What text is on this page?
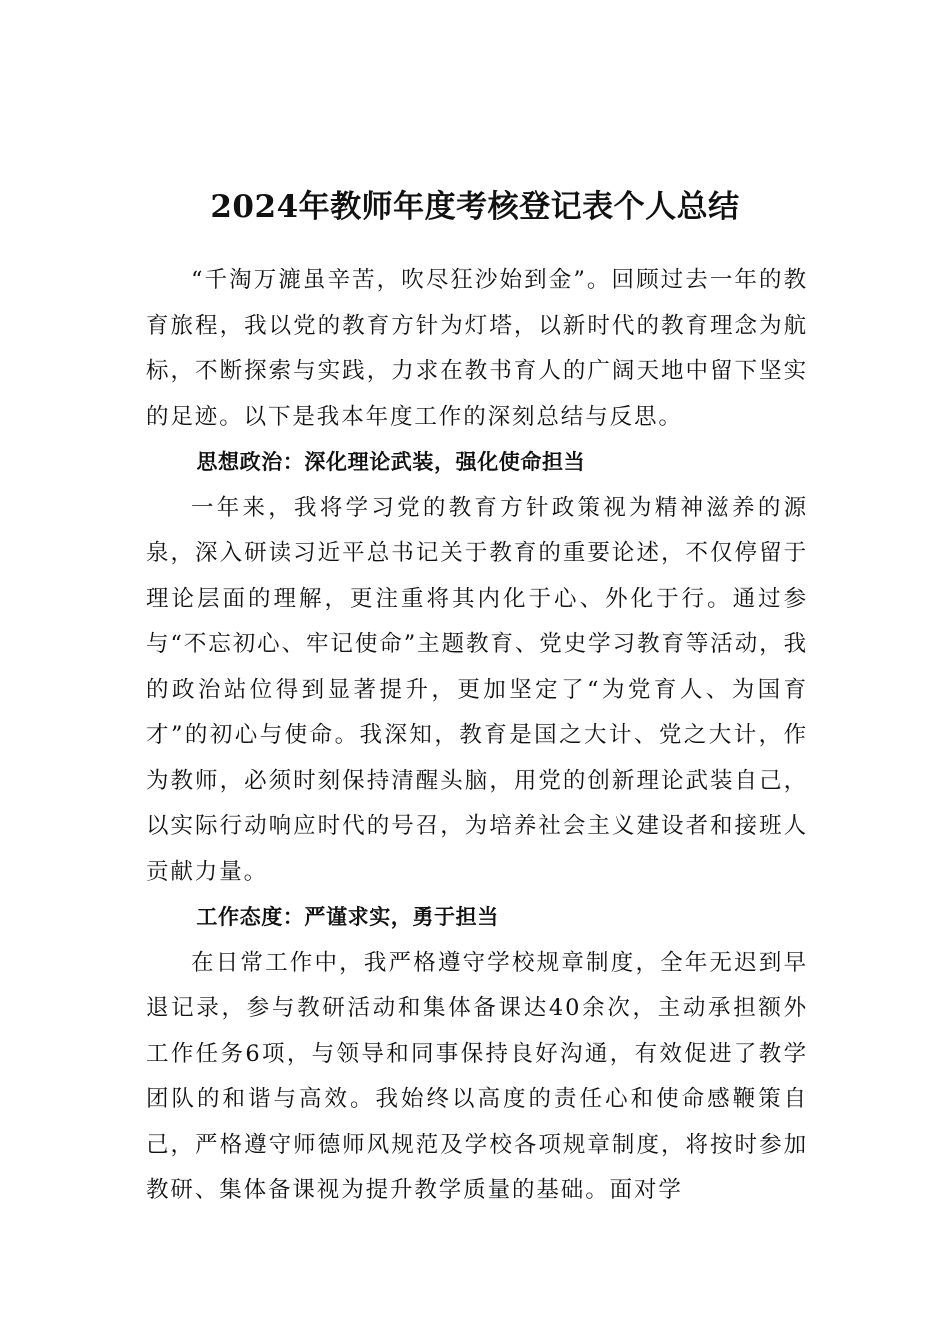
2024年教师年度考核登记表个人总结

“千淘万漉虽辛苦，吹尽狂沙始到金”。回顾过去一年的教育旅程，我以党的教育方针为灯塔，以新时代的教育理念为航标，不断探索与实践，力求在教书育人的广阔天地中留下坚实的足迹。以下是我本年度工作的深刻总结与反思。

思想政治：深化理论武装，强化使命担当

一年来，我将学习党的教育方针政策视为精神滋养的源泉，深入研读习近平总书记关于教育的重要论述，不仅停留于理论层面的理解，更注重将其内化于心、外化于行。通过参与“不忘初心、牢记使命”主题教育、党史学习教育等活动，我的政治站位得到显著提升，更加坚定了“为党育人、为国育才”的初心与使命。我深知，教育是国之大计、党之大计，作为教师，必须时刻保持清醒头脑，用党的创新理论武装自己，以实际行动响应时代的号召，为培养社会主义建设者和接班人贡献力量。

工作态度：严谨求实，勇于担当

在日常工作中，我严格遵守学校规章制度，全年无迟到早退记录，参与教研活动和集体备课达40余次，主动承担额外工作任务6项，与领导和同事保持良好沟通，有效促进了教学团队的和谐与高效。我始终以高度的责任心和使命感鞭策自己，严格遵守师德师风规范及学校各项规章制度，将按时参加教研、集体备课视为提升教学质量的基础。面对学
